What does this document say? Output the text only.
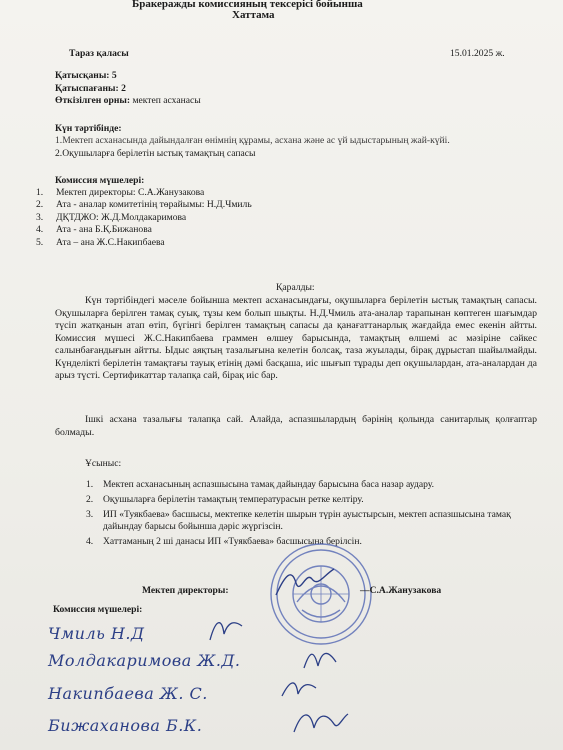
Бракеражды комиссияның тексерісі бойынша
Хаттама
Тараз қаласы	15.01.2025 ж.
Қатысқаны: 5
Қатыспағаны: 2
Өткізілген орны: мектеп асханасы
Күн тәртібінде:
1.Мектеп асханасында дайындалған өнімнің құрамы, асхана және ас үй ыдыстарының жай-күйі.
2.Оқушыларға берілетін ыстық тамақтың сапасы
Комиссия мүшелері:
1. Мектеп директоры: С.А.Жанузакова
2. Ата - аналар комитетінің төрайымы: Н.Д.Чмиль
3. ДҚТДЖО: Ж.Д.Молдакаримова
4. Ата - ана Б.Қ.Бижанова
5. Ата – ана Ж.С.Накипбаева
Қаралды:
Күн тәртібіндегі мәселе бойынша мектеп асханасындағы, оқушыларға берілетін ыстық тамақтың сапасы. Оқушыларға берілген тамақ суық, тұзы кем болып шықты. Н.Д.Чмиль ата-аналар тарапынан көптеген шағымдар түсіп жатқанын атап өтіп, бүгінгі берілген тамақтың сапасы да қанағаттанарлық жағдайда емес екенін айтты. Комиссия мүшесі Ж.С.Накипбаева граммен өлшеу барысында, тамақтың өлшемі ас мәзіріне сәйкес салынбағандығын айтты. Ыдыс аяқтың тазалығына келетін болсақ, таза жуылады, бірақ дұрыстап шайылмайды. Күнделікті берілетін тамақтағы тауық етінің дәмі басқаша, иіс шығып тұрады деп оқушылардан, ата-аналардан да арыз түсті. Сертификаттар талапқа сай, бірақ иіс бар.
Ішкі асхана тазалығы талапқа сай. Алайда, аспазшылардың бәрінің қолында санитарлық қолғаптар болмады.
Ұсыныс:
1. Мектеп асханасының аспазшысына тамақ дайындау барысына баса назар аудару.
2. Оқушыларға берілетін тамақтың температурасын ретке келтіру.
3. ИП «Туякбаева» басшысы, мектепке келетін шырын түрін ауыстырсын, мектеп аспазшысына тамақ дайындау барысы бойынша дәріс жүргізсін.
4. Хаттаманың 2 ші данасы ИП «Туякбаева» басшысына берілсін.
Мектеп директоры:	—С.А.Жанузакова
Комиссия мүшелері:
Чмиль Н.Д
Молдакаримова Ж.Д.
Накипбаева Ж. С.
Бижаханова Б.К.
